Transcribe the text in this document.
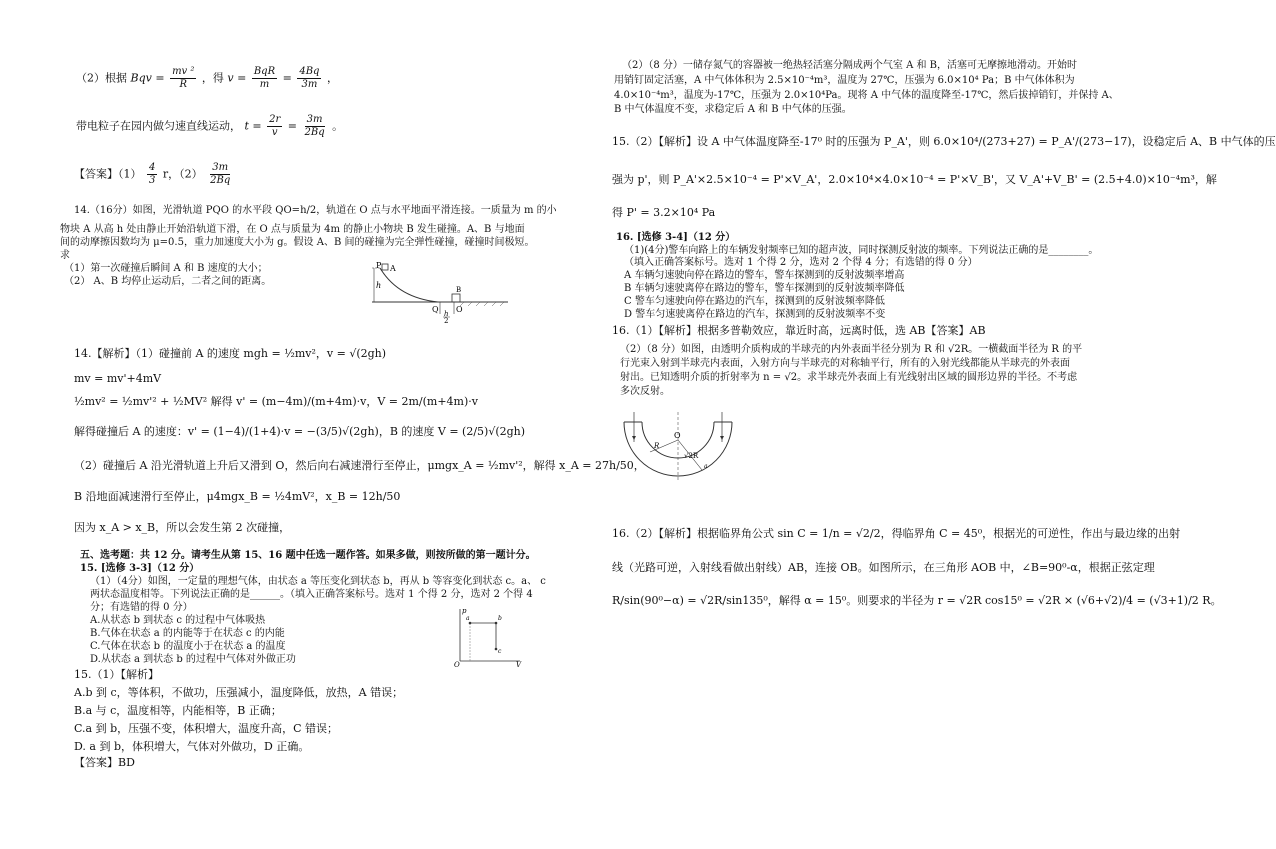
（2）根据 Bqv = $\frac{\text{mv ²}}{R}$ ，得 $v = \frac{\text{BqR}}{m} = \frac{4Bq}{3m}$ ，
带电粒子在园内做匀速直线运动， $t = \frac{2r}{v} = \frac{3m}{2Bq}$ 。
【答案】$(1) \frac{4}{3}$ r，$(2) \frac{3m}{2Bq}$
14.（16分）如图，光滑轨道 PQO 的水平段 QO=h/2，轨道在 O 点与水平地面平滑连接。一质量为 m 的小
物块 A 从高 h 处由静止开始沿轨道下滑，在 O 点与质量为 4m 的静止小物块 B 发生碰撞。A、B 与地面
间的动摩擦因数均为 μ=0.5，重力加速度大小为 g。假设 A、B 间的碰撞为完全弹性碰撞，碰撞时间极短。
求
（1）第一次碰撞后瞬间 A 和 B 速度的大小；
（2） A、B 均停止运动后，二者之间的距离。	h
P A
B
Q O
h
2
14.【解析】（1）碰撞前 A 的速度 mgh = ½mv²，v = √(2gh)
mv = mv'+4mV
½mv² = ½mv'² + ½MV² 解得 v' = (m−4m)/(m+4m)·v，V = 2m/(m+4m)·v
解得碰撞后 A 的速度：v' = (1−4)/(1+4)·v = −(3/5)√(2gh)，B 的速度 V = (2/5)√(2gh)
（2）碰撞后 A 沿光滑轨道上升后又滑到 O，然后向右减速滑行至停止，μmgx_A = ½mv'²，解得 x_A = 27h/50，
B 沿地面减速滑行至停止，μ4mgx_B = ½4mV²，x_B = 12h/50
因为 x_A > x_B，所以会发生第 2 次碰撞，
五、选考题：共 12 分。请考生从第 15、16 题中任选一题作答。如果多做，则按所做的第一题计分。
15. [选修 3-3]（12 分）
（1）（4分）如图，一定量的理想气体，由状态 a 等压变化到状态 b，再从 b 等容变化到状态 c。a、 c
两状态温度相等。下列说法正确的是______。（填入正确答案标号。选对 1 个得 2 分，选对 2 个得 4
分；有选错的得 0 分）
A.从状态 b 到状态 c 的过程中气体吸热
B.气体在状态 a 的内能等于在状态 c 的内能
C.气体在状态 b 的温度小于在状态 a 的温度
D.从状态 a 到状态 b 的过程中气体对外做正功
p
V
O
a	b
c
15.（1）【解析】
A.b 到 c，等体积，不做功，压强减小，温度降低，放热，A 错误；
B.a 与 c，温度相等，内能相等，B 正确；
C.a 到 b，压强不变，体积增大，温度升高，C 错误；
D. a 到 b，体积增大，气体对外做功，D 正确。
【答案】BD
（2）（8 分）一储存氮气的容器被一绝热轻活塞分隔成两个气室 A 和 B，活塞可无摩擦地滑动。开始时
用销钉固定活塞，A 中气体体积为 2.5×10⁻⁴m³，温度为 27℃，压强为 6.0×10⁴ Pa；B 中气体体积为
4.0×10⁻⁴m³，温度为-17℃，压强为 2.0×10⁴Pa。现将 A 中气体的温度降至-17℃，然后拔掉销钉，并保持 A、
B 中气体温度不变，求稳定后 A 和 B 中气体的压强。
15.（2）【解析】设 A 中气体温度降至-17⁰ 时的压强为 P_A'，则 6.0×10⁴/(273+27) = P_A'/(273−17)，设稳定后 A、B 中气体的压
强为 p'，则 P_A'×2.5×10⁻⁴ = P'×V_A'，2.0×10⁴×4.0×10⁻⁴ = P'×V_B'，又 V_A'+V_B' = (2.5+4.0)×10⁻⁴m³，解
得 P' = 3.2×10⁴ Pa
16. [选修 3-4]（12 分）
（1)(4分)警车向路上的车辆发射频率已知的超声波，同时探测反射波的频率。下列说法正确的是________。
（填入正确答案标号。选对 1 个得 2 分，选对 2 个得 4 分；有选错的得 0 分）
A 车辆匀速驶向停在路边的警车，警车探测到的反射波频率增高
B 车辆匀速驶离停在路边的警车，警车探测到的反射波频率降低
C 警车匀速驶向停在路边的汽车，探测到的反射波频率降低
D 警车匀速驶离停在路边的汽车，探测到的反射波频率不变
16.（1）【解析】根据多普勒效应，靠近时高，远离时低，选 AB【答案】AB
（2）（8 分）如图，由透明介质构成的半球壳的内外表面半径分别为 R 和 √2R。一横截面半径为 R 的平
行光束入射到半球壳内表面，入射方向与半球壳的对称轴平行，所有的入射光线都能从半球壳的外表面
射出。已知透明介质的折射率为 n = √2。求半球壳外表面上有光线射出区域的圆形边界的半径。不考虑
多次反射。
O
R
√2R
a
16.（2）【解析】根据临界角公式 sin C = 1/n = √2/2，得临界角 C = 45⁰，根据光的可逆性，作出与最边缘的出射
线（光路可逆，入射线看做出射线）AB，连接 OB。如图所示，在三角形 AOB 中，∠B=90⁰-α，根据正弦定理
R/sin(90⁰−α) = √2R/sin135⁰，解得 α = 15⁰。则要求的半径为 r = √2R cos15⁰ = √2R × (√6+√2)/4 = (√3+1)/2 R。
